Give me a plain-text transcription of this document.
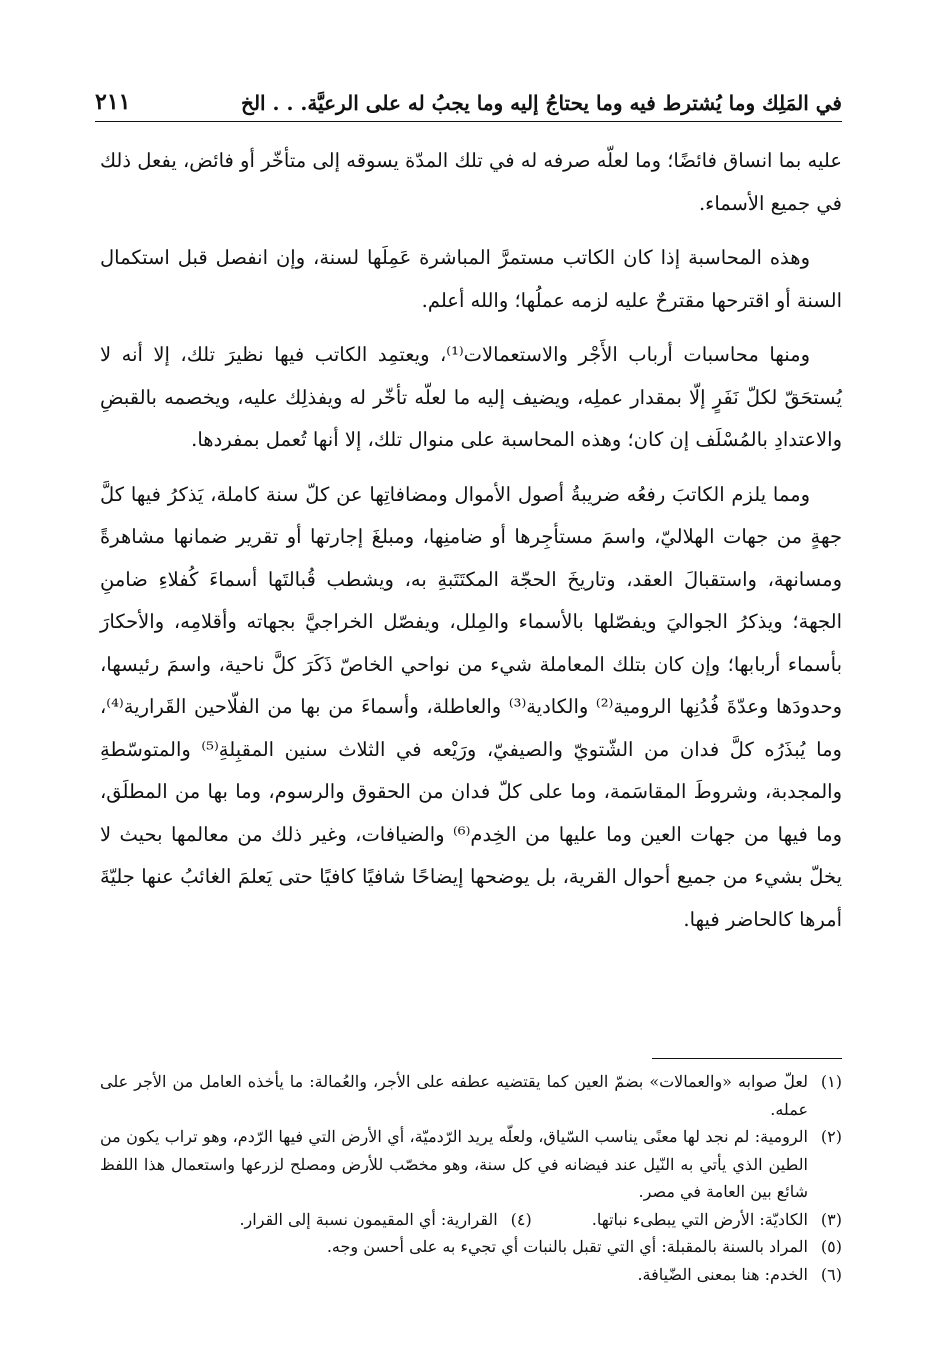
في المَلِك وما يُشترط فيه وما يحتاجُ إليه وما يجبُ له على الرعيَّة. . . الخ
٢١١

عليه بما انساق فائضًا؛ وما لعلّه صرفه له في تلك المدّة يسوقه إلى متأخّر أو فائض، يفعل ذلك في جميع الأسماء.

وهذه المحاسبة إذا كان الكاتب مستمرَّ المباشرة عَمِلَها لسنة، وإن انفصل قبل استكمال السنة أو اقترحها مقترحٌ عليه لزمه عملُها؛ والله أعلم.

ومنها محاسبات أرباب الأَجْر والاستعمالات⁽¹⁾، ويعتمِد الكاتب فيها نظيرَ تلك، إلا أنه لا يُستحَقّ لكلّ نَفَرٍ إلّا بمقدار عملِه، ويضيف إليه ما لعلّه تأخّر له ويفذلِك عليه، ويخصمه بالقبضِ والاعتدادِ بالمُسْلَف إن كان؛ وهذه المحاسبة على منوال تلك، إلا أنها تُعمل بمفردها.

ومما يلزم الكاتبَ رفعُه ضريبةُ أصول الأموال ومضافاتِها عن كلّ سنة كاملة، يَذكرُ فيها كلَّ جهةٍ من جهات الهلاليّ، واسمَ مستأجِرها أو ضامنِها، ومبلغَ إجارتها أو تقرير ضمانها مشاهرةً ومسانهة، واستقبالَ العقد، وتاريخَ الحجّة المكتَتَبةِ به، ويشطب قُبالتَها أسماءَ كُفلاءِ ضامنِ الجهة؛ ويذكرُ الجواليَ ويفصّلها بالأسماء والمِلل، ويفصّل الخراجيَّ بجهاته وأقلامِه، والأحكارَ بأسماء أربابها؛ وإن كان بتلك المعاملة شيء من نواحي الخاصّ ذَكَرَ كلَّ ناحية، واسمَ رئيسها، وحدودَها وعدّةَ فُدُنِها الرومية⁽²⁾ والكادية⁽³⁾ والعاطلة، وأسماءَ من بها من الفلّاحين القَرارية⁽⁴⁾، وما يُبذَرُه كلَّ فدان من الشّتويّ والصيفيّ، ورَيْعه في الثلاث سنين المقبِلةِ⁽⁵⁾ والمتوسّطةِ والمجدبة، وشروطَ المقاسَمة، وما على كلّ فدان من الحقوق والرسوم، وما بها من المطلَق، وما فيها من جهات العين وما عليها من الخِدم⁽⁶⁾ والضيافات، وغير ذلك من معالمها بحيث لا يخلّ بشيء من جميع أحوال القرية، بل يوضحها إيضاحًا شافيًا كافيًا حتى يَعلمَ الغائبُ عنها جليّةَ أمرها كالحاضر فيها.

(١)
لعلّ صوابه «والعمالات» بضمّ العين كما يقتضيه عطفه على الأجر، والعُمالة: ما يأخذه العامل من الأجر على عمله.
(٢)
الرومية: لم نجد لها معنًى يناسب السّياق، ولعلّه يريد الرّدميّة، أي الأرض التي فيها الرّدم، وهو تراب يكون من الطين الذي يأتي به النّيل عند فيضانه في كل سنة، وهو مخصّب للأرض ومصلح لزرعها واستعمال هذا اللفظ شائع بين العامة في مصر.
(٣)
الكاديّة: الأرض التي يبطىء نباتها.
(٤)
القرارية: أي المقيمون نسبة إلى القرار.
(٥)
المراد بالسنة بالمقبلة: أي التي تقبل بالنبات أي تجيء به على أحسن وجه.
(٦)
الخدم: هنا بمعنى الضّيافة.
